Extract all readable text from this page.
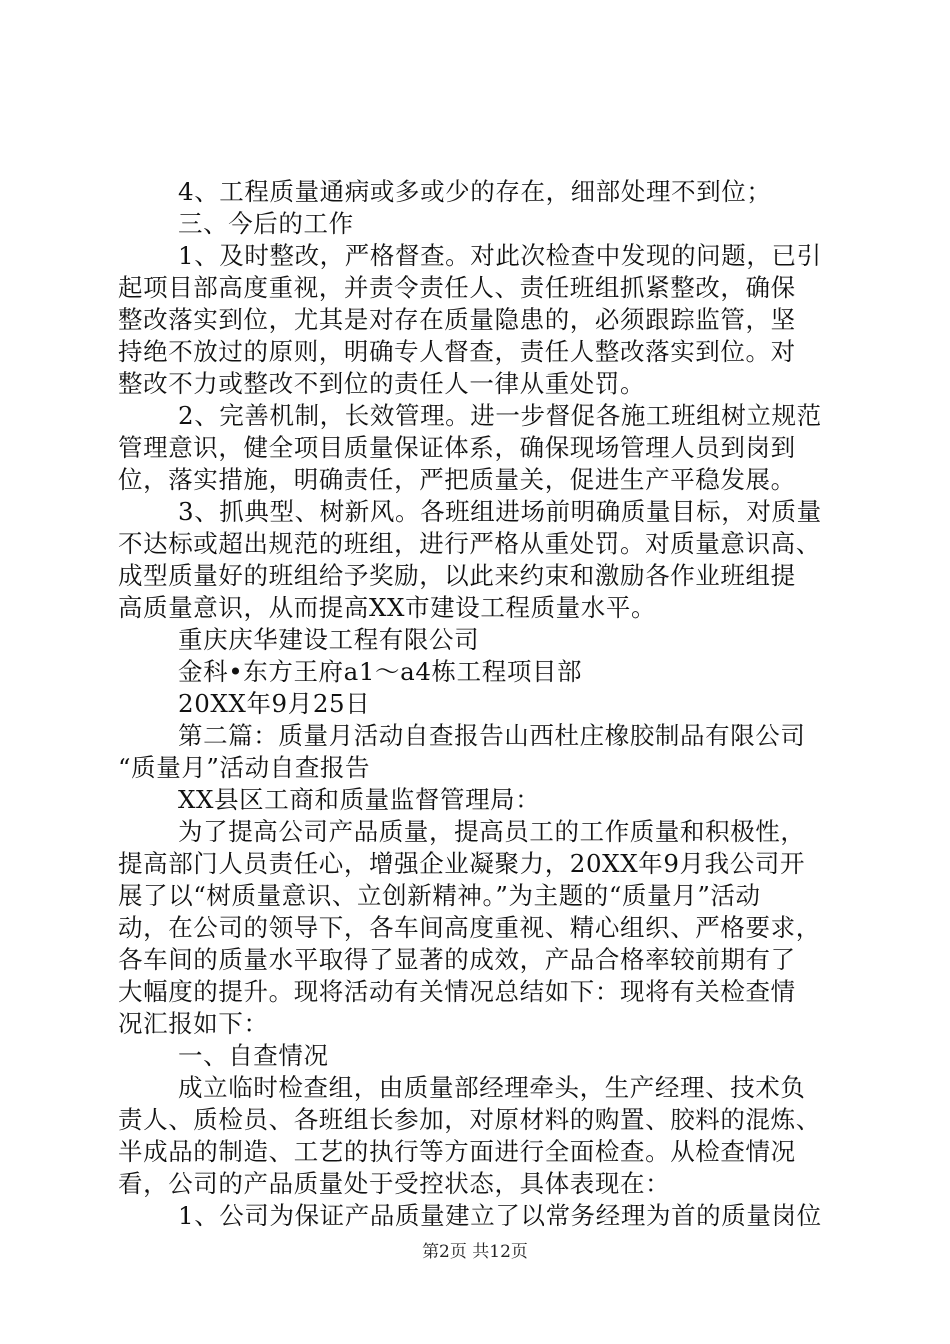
4、工程质量通病或多或少的存在，细部处理不到位；
三、今后的工作
1、及时整改，严格督查。对此次检查中发现的问题，已引
起项目部高度重视，并责令责任人、责任班组抓紧整改，确保
整改落实到位，尤其是对存在质量隐患的，必须跟踪监管，坚
持绝不放过的原则，明确专人督查，责任人整改落实到位。对
整改不力或整改不到位的责任人一律从重处罚。
2、完善机制，长效管理。进一步督促各施工班组树立规范
管理意识，健全项目质量保证体系，确保现场管理人员到岗到
位，落实措施，明确责任，严把质量关，促进生产平稳发展。
3、抓典型、树新风。各班组进场前明确质量目标，对质量
不达标或超出规范的班组，进行严格从重处罚。对质量意识高、
成型质量好的班组给予奖励，以此来约束和激励各作业班组提
高质量意识，从而提高XX市建设工程质量水平。
重庆庆华建设工程有限公司
金科•东方王府a1～a4栋工程项目部
20XX年9月25日
第二篇：质量月活动自查报告山西杜庄橡胶制品有限公司
“质量月”活动自查报告
XX县区工商和质量监督管理局：
为了提高公司产品质量，提高员工的工作质量和积极性，
提高部门人员责任心，增强企业凝聚力，20XX年9月我公司开
展了以“树质量意识、立创新精神。”为主题的“质量月”活动
动，在公司的领导下，各车间高度重视、精心组织、严格要求，
各车间的质量水平取得了显著的成效，产品合格率较前期有了
大幅度的提升。现将活动有关情况总结如下：现将有关检查情
况汇报如下：
一、自查情况
成立临时检查组，由质量部经理牵头，生产经理、技术负
责人、质检员、各班组长参加，对原材料的购置、胶料的混炼、
半成品的制造、工艺的执行等方面进行全面检查。从检查情况
看，公司的产品质量处于受控状态，具体表现在：
1、公司为保证产品质量建立了以常务经理为首的质量岗位
第2页 共12页
